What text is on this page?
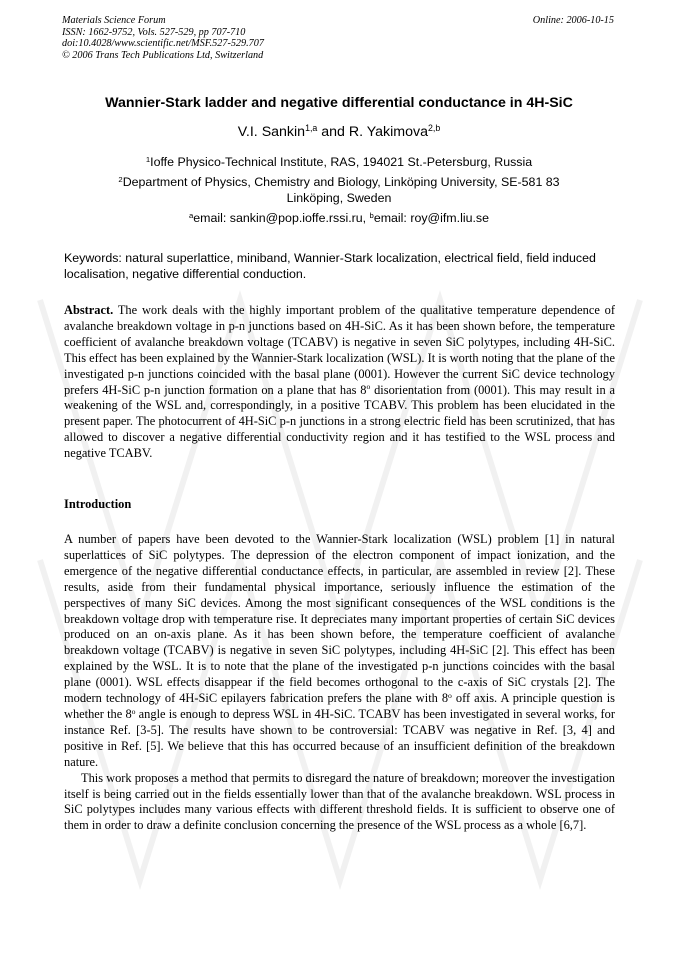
Materials Science Forum
ISSN: 1662-9752, Vols. 527-529, pp 707-710
doi:10.4028/www.scientific.net/MSF.527-529.707
© 2006 Trans Tech Publications Ltd, Switzerland
Online: 2006-10-15
Wannier-Stark ladder and negative differential conductance in 4H-SiC
V.I. Sankin$^{1,a}$ and R. Yakimova$^{2,b}$
$^1$Ioffe Physico-Technical Institute, RAS, 194021 St.-Petersburg, Russia
$^2$Department of Physics, Chemistry and Biology, Linköping University, SE-581 83
Linköping, Sweden
$^a$email: sankin@pop.ioffe.rssi.ru, $^b$email: roy@ifm.liu.se
Keywords: natural superlattice, miniband, Wannier-Stark localization, electrical field, field induced localisation, negative differential conduction.

Abstract. The work deals with the highly important problem of the qualitative temperature dependence of avalanche breakdown voltage in p-n junctions based on 4H-SiC. As it has been shown before, the temperature coefficient of avalanche breakdown voltage (TCABV) is negative in seven SiC polytypes, including 4H-SiC. This effect has been explained by the Wannier-Stark localization (WSL). It is worth noting that the plane of the investigated p-n junctions coincided with the basal plane (0001). However the current SiC device technology prefers 4H-SiC p-n junction formation on a plane that has 8$^o$ disorientation from (0001). This may result in a weakening of the WSL and, correspondingly, in a positive TCABV. This problem has been elucidated in the present paper. The photocurrent of 4H-SiC p-n junctions in a strong electric field has been scrutinized, that has allowed to discover a negative differential conductivity region and it has testified to the WSL process and negative TCABV.

Introduction

A number of papers have been devoted to the Wannier-Stark localization (WSL) problem [1] in natural superlattices of SiC polytypes. The depression of the electron component of impact ionization, and the emergence of the negative differential conductance effects, in particular, are assembled in review [2]. These results, aside from their fundamental physical importance, seriously influence the estimation of the perspectives of many SiC devices. Among the most significant consequences of the WSL conditions is the breakdown voltage drop with temperature rise. It depreciates many important properties of certain SiC devices produced on an on-axis plane. As it has been shown before, the temperature coefficient of avalanche breakdown voltage (TCABV) is negative in seven SiC polytypes, including 4H-SiC [2]. This effect has been explained by the WSL. It is to note that the plane of the investigated p-n junctions coincides with the basal plane (0001). WSL effects disappear if the field becomes orthogonal to the c-axis of SiC crystals [2]. The modern technology of 4H-SiC epilayers fabrication prefers the plane with 8$^o$ off axis. A principle question is whether the 8$^o$ angle is enough to depress WSL in 4H-SiC. TCABV has been investigated in several works, for instance Ref. [3-5]. The results have shown to be controversial: TCABV was negative in Ref. [3, 4] and positive in Ref. [5]. We believe that this has occurred because of an insufficient definition of the breakdown nature.

This work proposes a method that permits to disregard the nature of breakdown; moreover the investigation itself is being carried out in the fields essentially lower than that of the avalanche breakdown. WSL process in SiC polytypes includes many various effects with different threshold fields. It is sufficient to observe one of them in order to draw a definite conclusion concerning the presence of the WSL process as a whole [6,7].
